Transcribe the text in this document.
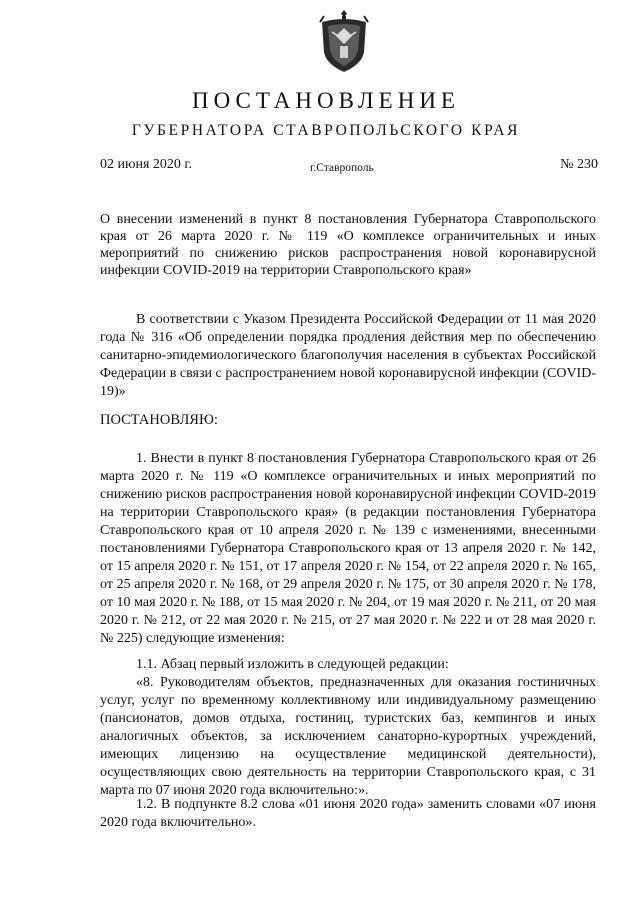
ПОСТАНОВЛЕНИЕ
ГУБЕРНАТОРА СТАВРОПОЛЬСКОГО КРАЯ
02 июня 2020 г.	г.Ставрополь	№ 230

О внесении изменений в пункт 8 постановления Губернатора Ставропольского края от 26 марта 2020 г. № 119 «О комплексе ограничительных и иных мероприятий по снижению рисков распространения новой коронавирусной инфекции COVID-2019 на территории Ставропольского края»

В соответствии с Указом Президента Российской Федерации от 11 мая 2020 года № 316 «Об определении порядка продления действия мер по обеспечению санитарно-эпидемиологического благополучия населения в субъектах Российской Федерации в связи с распространением новой коронавирусной инфекции (COVID-19)»

ПОСТАНОВЛЯЮ:

1. Внести в пункт 8 постановления Губернатора Ставропольского края от 26 марта 2020 г. № 119 «О комплексе ограничительных и иных мероприятий по снижению рисков распространения новой коронавирусной инфекции COVID-2019 на территории Ставропольского края» (в редакции постановления Губернатора Ставропольского края от 10 апреля 2020 г. № 139 с изменениями, внесенными постановлениями Губернатора Ставропольского края от 13 апреля 2020 г. № 142, от 15 апреля 2020 г. № 151, от 17 апреля 2020 г. № 154, от 22 апреля 2020 г. № 165, от 25 апреля 2020 г. № 168, от 29 апреля 2020 г. № 175, от 30 апреля 2020 г. № 178, от 10 мая 2020 г. № 188, от 15 мая 2020 г. № 204, от 19 мая 2020 г. № 211, от 20 мая 2020 г. № 212, от 22 мая 2020 г. № 215, от 27 мая 2020 г. № 222 и от 28 мая 2020 г. № 225) следующие изменения:

1.1. Абзац первый изложить в следующей редакции:

«8. Руководителям объектов, предназначенных для оказания гостиничных услуг, услуг по временному коллективному или индивидуальному размещению (пансионатов, домов отдыха, гостиниц, туристских баз, кемпингов и иных аналогичных объектов, за исключением санаторно-курортных учреждений, имеющих лицензию на осуществление медицинской деятельности), осуществляющих свою деятельность на территории Ставропольского края, с 31 марта по 07 июня 2020 года включительно:».

1.2. В подпункте 8.2 слова «01 июня 2020 года» заменить словами «07 июня 2020 года включительно».
